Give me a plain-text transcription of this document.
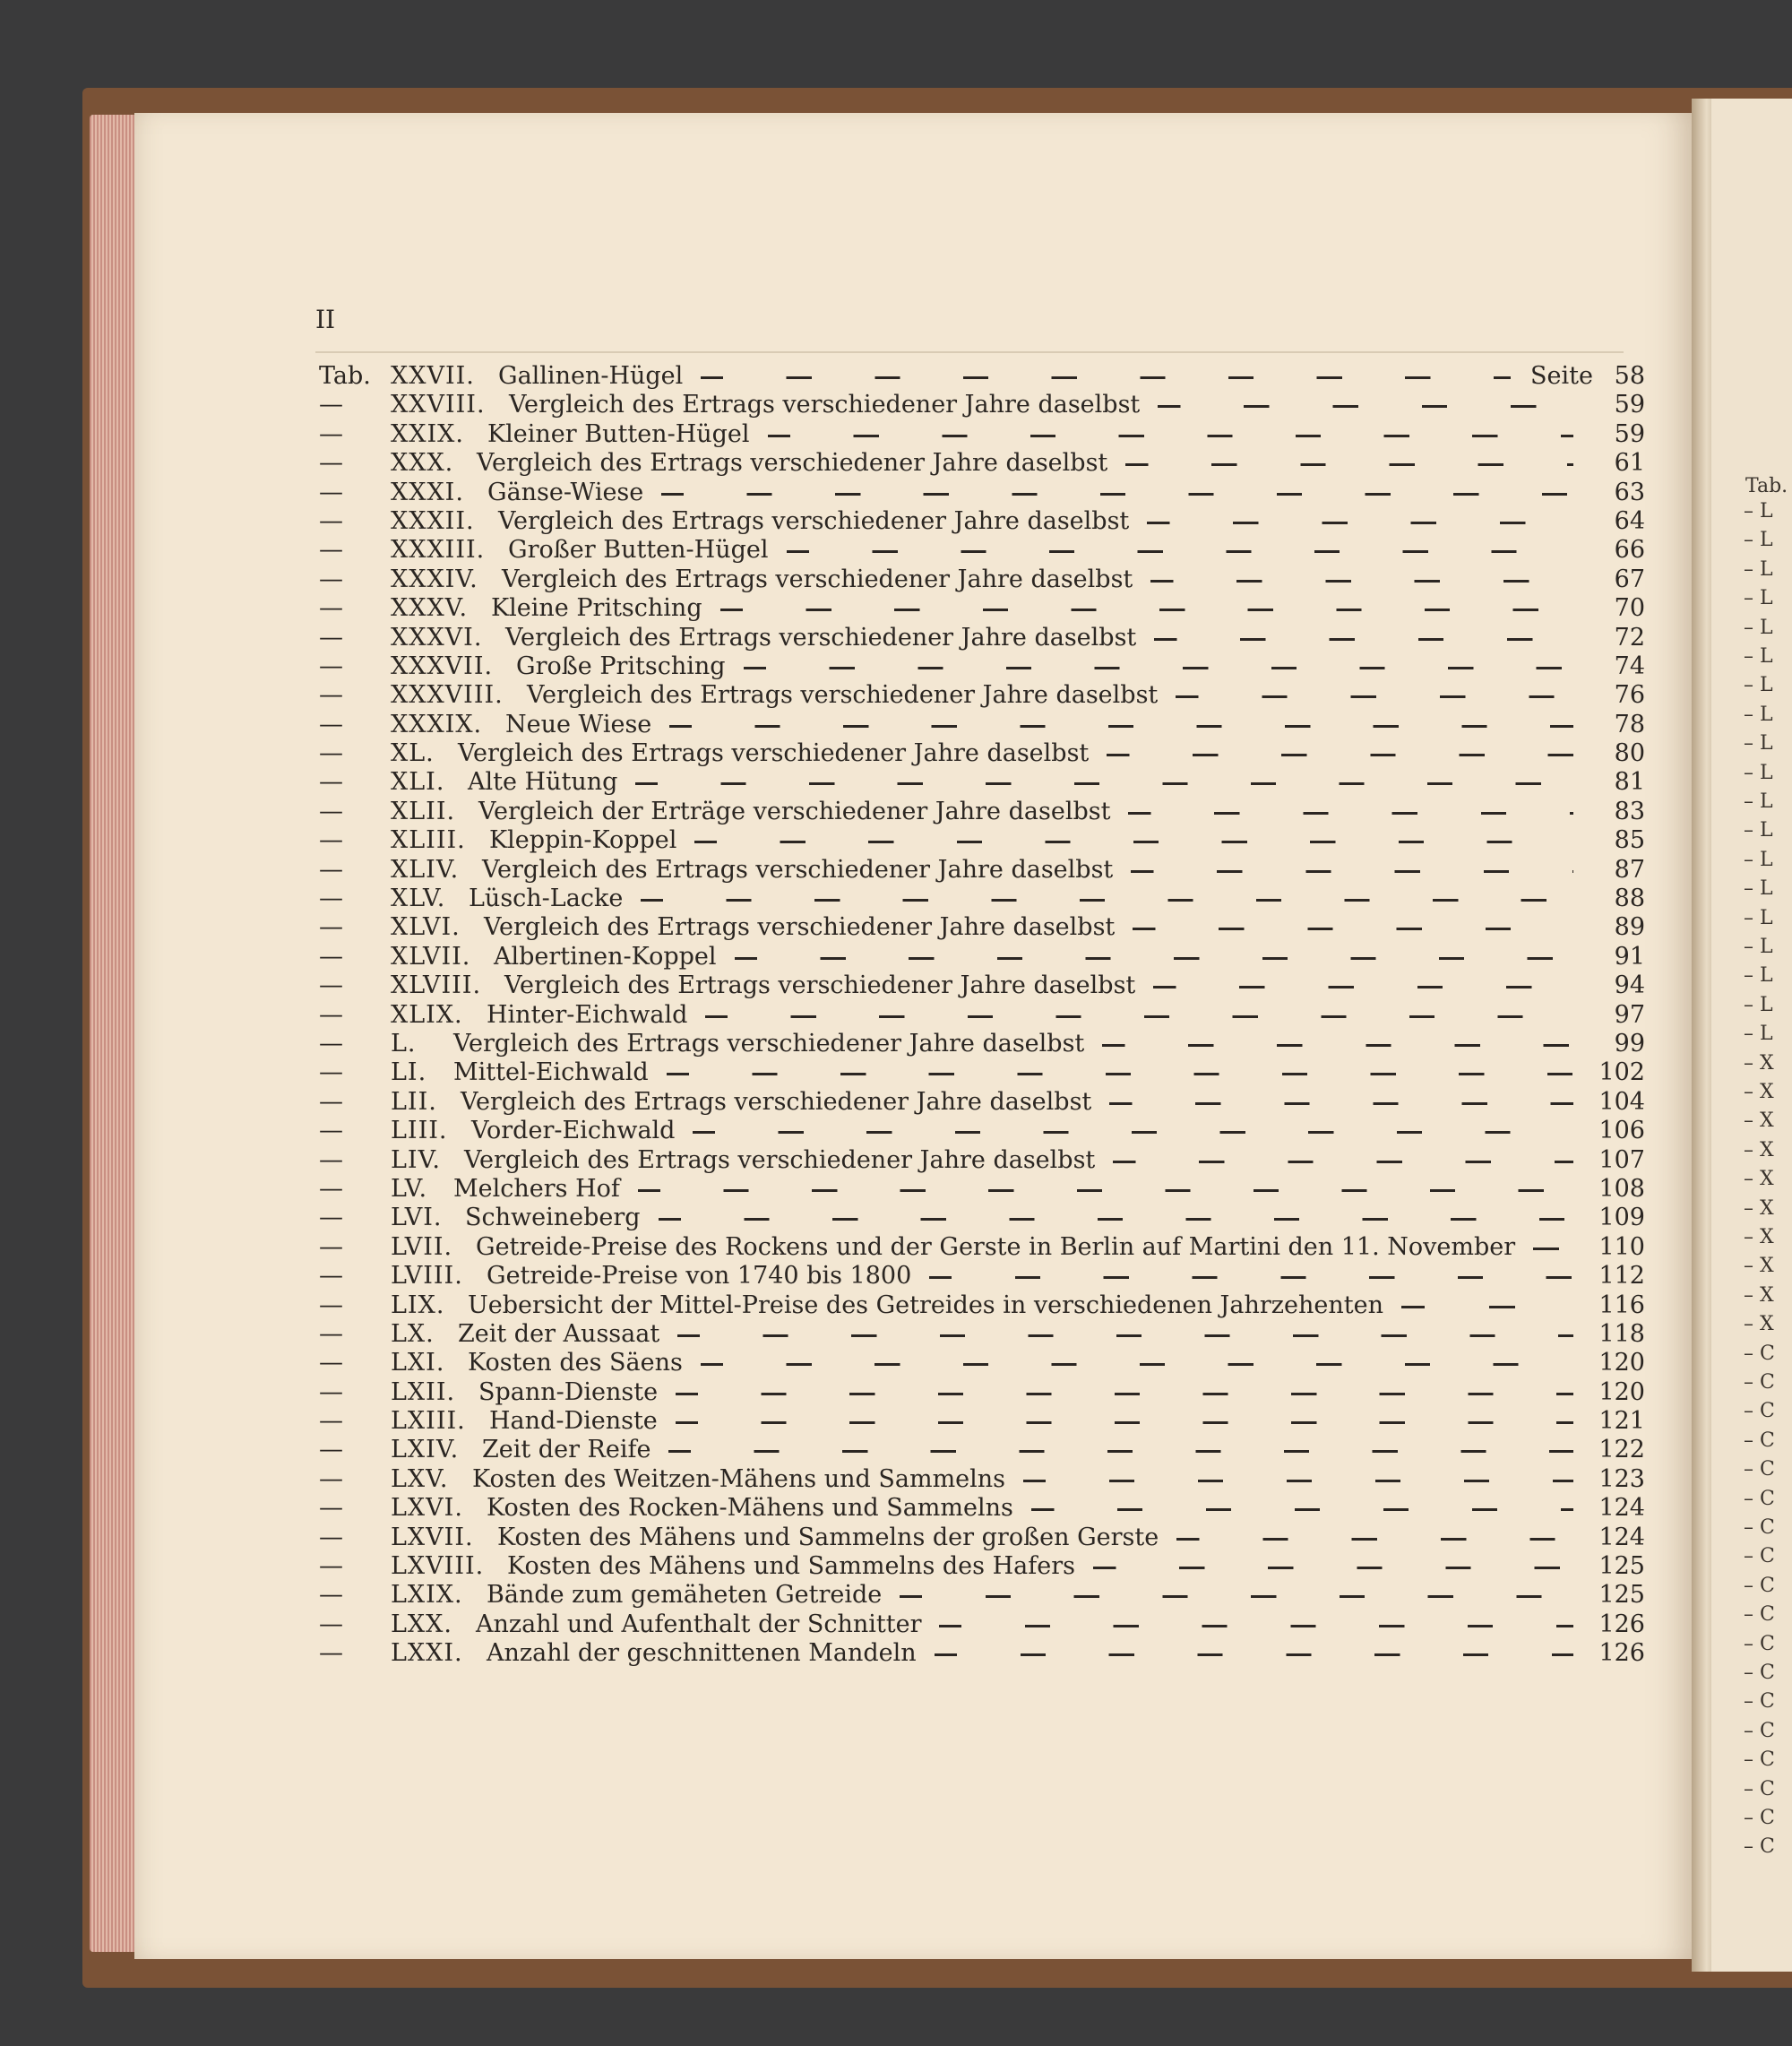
Tab.
– L
– L
– L
– L
– L
– L
– L
– L
– L
– L
– L
– L
– L
– L
– L
– L
– L
– L
– L
– X
– X
– X
– X
– X
– X
– X
– X
– X
– X
– C
– C
– C
– C
– C
– C
– C
– C
– C
– C
– C
– C
– C
– C
– C
– C
– C
– C
II
Tab. XXVII. Gallinen-Hügel	Seite 58
—	XXVIII. Vergleich des Ertrags verschiedener Jahre daselbst	59
—	XXIX. Kleiner Butten-Hügel	59
—	XXX. Vergleich des Ertrags verschiedener Jahre daselbst	61
—	XXXI. Gänse-Wiese	63
—	XXXII. Vergleich des Ertrags verschiedener Jahre daselbst	64
—	XXXIII. Großer Butten-Hügel	66
—	XXXIV. Vergleich des Ertrags verschiedener Jahre daselbst	67
—	XXXV. Kleine Pritsching	70
—	XXXVI. Vergleich des Ertrags verschiedener Jahre daselbst	72
—	XXXVII. Große Pritsching	74
—	XXXVIII. Vergleich des Ertrags verschiedener Jahre daselbst	76
—	XXXIX. Neue Wiese	78
—	XL. Vergleich des Ertrags verschiedener Jahre daselbst	80
—	XLI. Alte Hütung	81
—	XLII. Vergleich der Erträge verschiedener Jahre daselbst	83
—	XLIII. Kleppin-Koppel	85
—	XLIV. Vergleich des Ertrags verschiedener Jahre daselbst	87
—	XLV. Lüsch-Lacke	88
—	XLVI. Vergleich des Ertrags verschiedener Jahre daselbst	89
—	XLVII. Albertinen-Koppel	91
—	XLVIII. Vergleich des Ertrags verschiedener Jahre daselbst	94
—	XLIX. Hinter-Eichwald	97
—	L. Vergleich des Ertrags verschiedener Jahre daselbst	99
—	LI. Mittel-Eichwald	102
—	LII. Vergleich des Ertrags verschiedener Jahre daselbst	104
—	LIII. Vorder-Eichwald	106
—	LIV. Vergleich des Ertrags verschiedener Jahre daselbst	107
—	LV. Melchers Hof	108
—	LVI. Schweineberg	109
—	LVII. Getreide-Preise des Rockens und der Gerste in Berlin auf Martini den 11. November	110
—	LVIII. Getreide-Preise von 1740 bis 1800	112
—	LIX. Uebersicht der Mittel-Preise des Getreides in verschiedenen Jahrzehenten	116
—	LX. Zeit der Aussaat	118
—	LXI. Kosten des Säens	120
—	LXII. Spann-Dienste	120
—	LXIII. Hand-Dienste	121
—	LXIV. Zeit der Reife	122
—	LXV. Kosten des Weitzen-Mähens und Sammelns	123
—	LXVI. Kosten des Rocken-Mähens und Sammelns	124
—	LXVII. Kosten des Mähens und Sammelns der großen Gerste	124
—	LXVIII. Kosten des Mähens und Sammelns des Hafers	125
—	LXIX. Bände zum gemäheten Getreide	125
—	LXX. Anzahl und Aufenthalt der Schnitter	126
—	LXXI. Anzahl der geschnittenen Mandeln	126
